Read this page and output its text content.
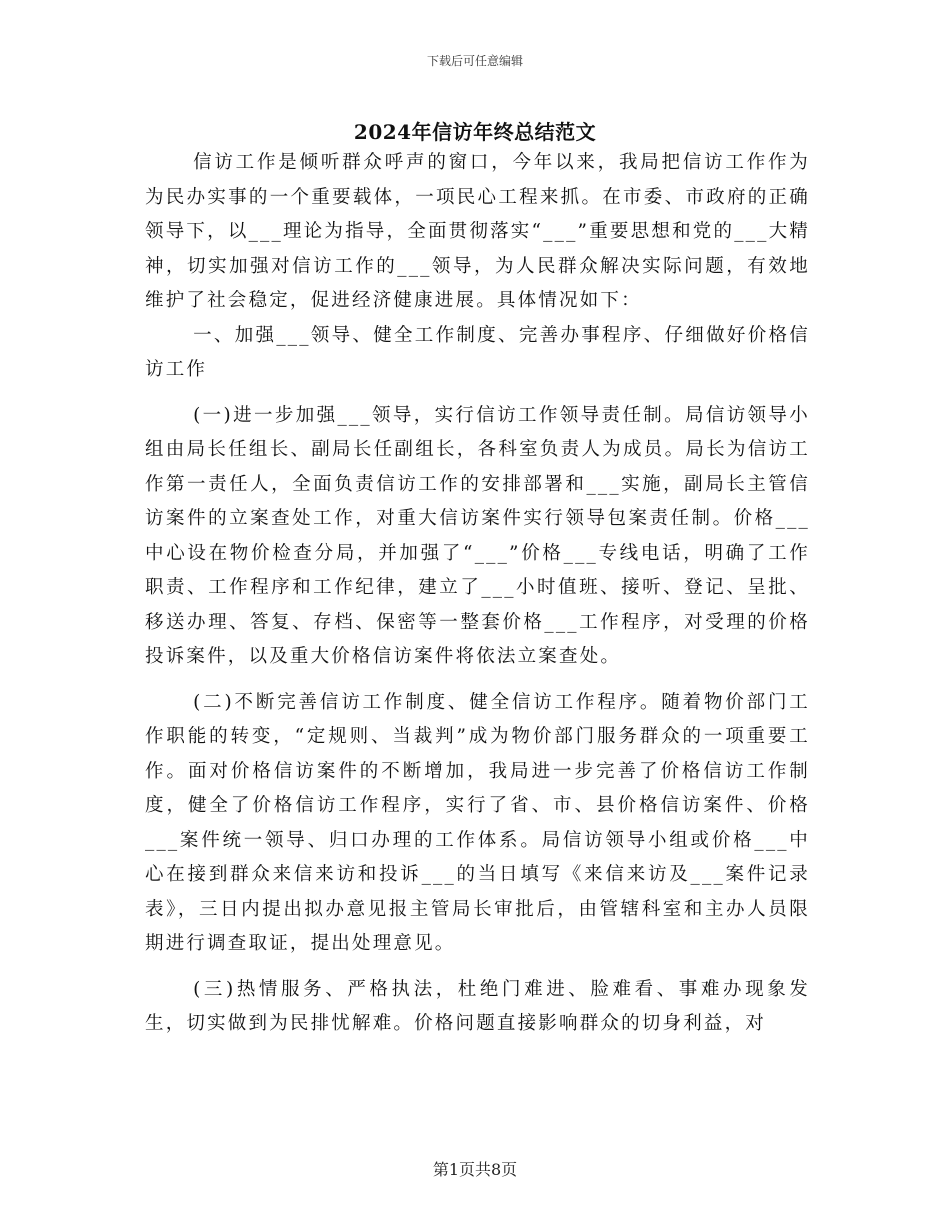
下载后可任意编辑
2024年信访年终总结范文

信访工作是倾听群众呼声的窗口，今年以来，我局把信访工作作为为民办实事的一个重要载体，一项民心工程来抓。在市委、市政府的正确领导下，以___理论为指导，全面贯彻落实“___”重要思想和党的___大精神，切实加强对信访工作的___领导，为人民群众解决实际问题，有效地维护了社会稳定，促进经济健康进展。具体情况如下：

一、加强___领导、健全工作制度、完善办事程序、仔细做好价格信访工作

(一)进一步加强___领导，实行信访工作领导责任制。局信访领导小组由局长任组长、副局长任副组长，各科室负责人为成员。局长为信访工作第一责任人，全面负责信访工作的安排部署和___实施，副局长主管信访案件的立案查处工作，对重大信访案件实行领导包案责任制。价格___中心设在物价检查分局，并加强了“___”价格___专线电话，明确了工作职责、工作程序和工作纪律，建立了___小时值班、接听、登记、呈批、移送办理、答复、存档、保密等一整套价格___工作程序，对受理的价格投诉案件，以及重大价格信访案件将依法立案查处。

(二)不断完善信访工作制度、健全信访工作程序。随着物价部门工作职能的转变，“定规则、当裁判”成为物价部门服务群众的一项重要工作。面对价格信访案件的不断增加，我局进一步完善了价格信访工作制度，健全了价格信访工作程序，实行了省、市、县价格信访案件、价格___案件统一领导、归口办理的工作体系。局信访领导小组或价格___中心在接到群众来信来访和投诉___的当日填写《来信来访及___案件记录表》，三日内提出拟办意见报主管局长审批后，由管辖科室和主办人员限期进行调查取证，提出处理意见。

(三)热情服务、严格执法，杜绝门难进、脸难看、事难办现象发生，切实做到为民排忧解难。价格问题直接影响群众的切身利益，对

第1页共8页
